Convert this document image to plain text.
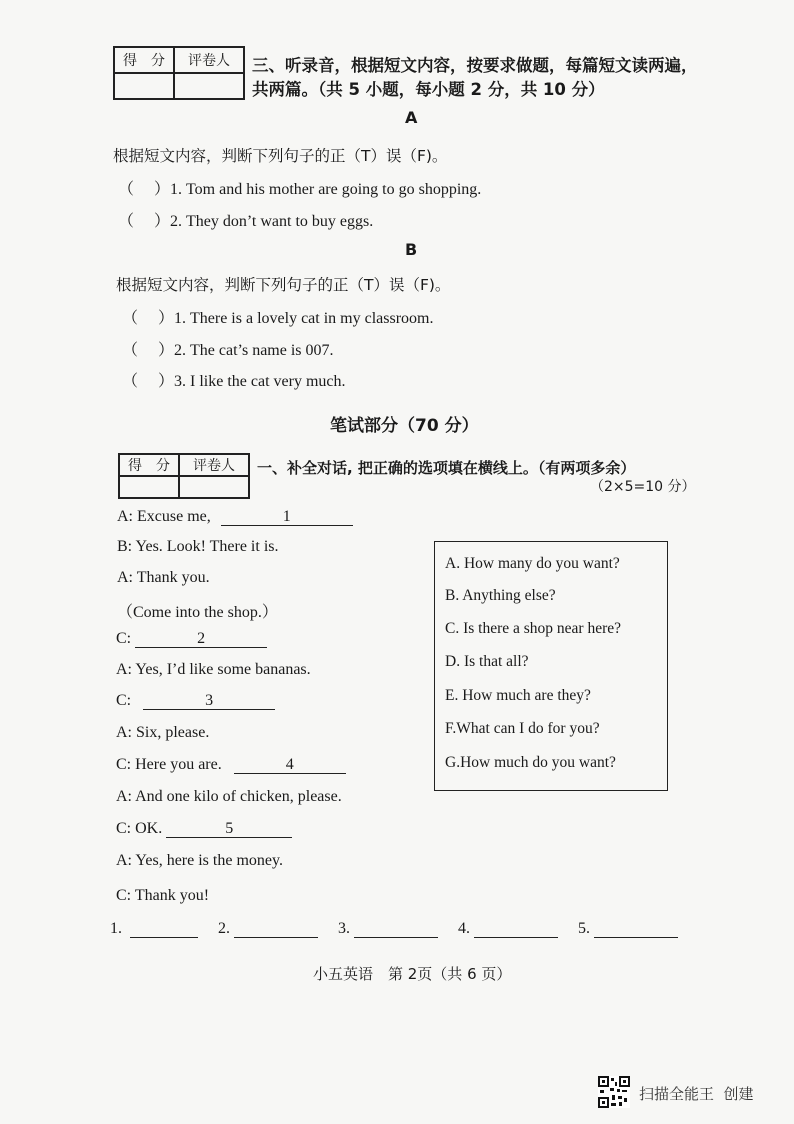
得　分	评卷人
	三、听录音，根据短文内容，按要求做题，每篇短文读两遍，
共两篇。（共 5 小题，每小题 2 分，共 10 分）
A
根据短文内容，判断下列句子的正（T）误（F)。
（　 ）1. Tom and his mother are going to go shopping.
（　 ）2. They don’t want to buy eggs.
B
根据短文内容，判断下列句子的正（T）误（F)。
（　 ）1. There is a lovely cat in my classroom.
（　 ）2. The cat’s name is 007.
（　 ）3. I like the cat very much.
笔试部分（70 分）
得　分	评卷人
	一、补全对话, 把正确的选项填在横线上。（有两项多余）
（2×5=10 分）
A: Excuse me,	1
B: Yes. Look! There it is.
A: Thank you.
（Come into the shop.）
C:	2
A: Yes, I’d like some bananas.
C:	3
A: Six, please.
C: Here you are.	4
A: And one kilo of chicken, please.
C: OK.	5
A: Yes, here is the money.
C: Thank you!
A. How many do you want?
B. Anything else?
C. Is there a shop near here?
D. Is that all?
E. How much are they?
F.What can I do for you?
G.How much do you want?
1.	2.	3.	4.	5.
小五英语　第 2页（共 6 页）
扫描全能王  创建
